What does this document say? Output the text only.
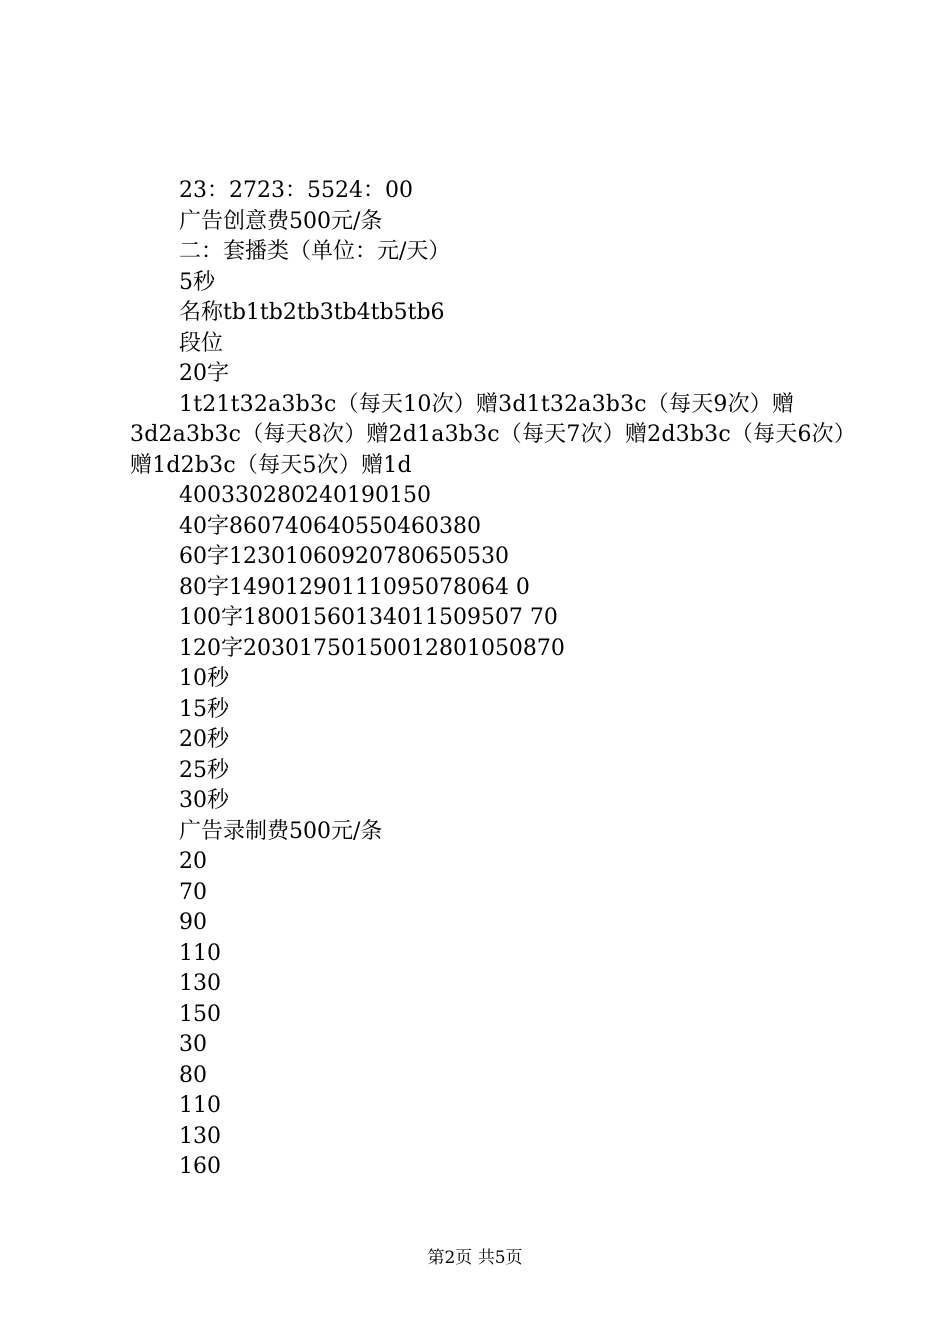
23：2723：5524：00
广告创意费500元/条
二：套播类（单位：元/天）
5秒
名称tb1tb2tb3tb4tb5tb6
段位
20字
1t21t32a3b3c（每天10次）赠3d1t32a3b3c（每天9次）赠3d2a3b3c（每天8次）赠2d1a3b3c（每天7次）赠2d3b3c（每天6次）赠1d2b3c（每天5次）赠1d
400330280240190150
40字860740640550460380
60字12301060920780650530
80字14901290111095078064 0
100字18001560134011509507 70
120字20301750150012801050870
10秒
15秒
20秒
25秒
30秒
广告录制费500元/条
20
70
90
110
130
150
30
80
110
130
160
第2页 共5页
